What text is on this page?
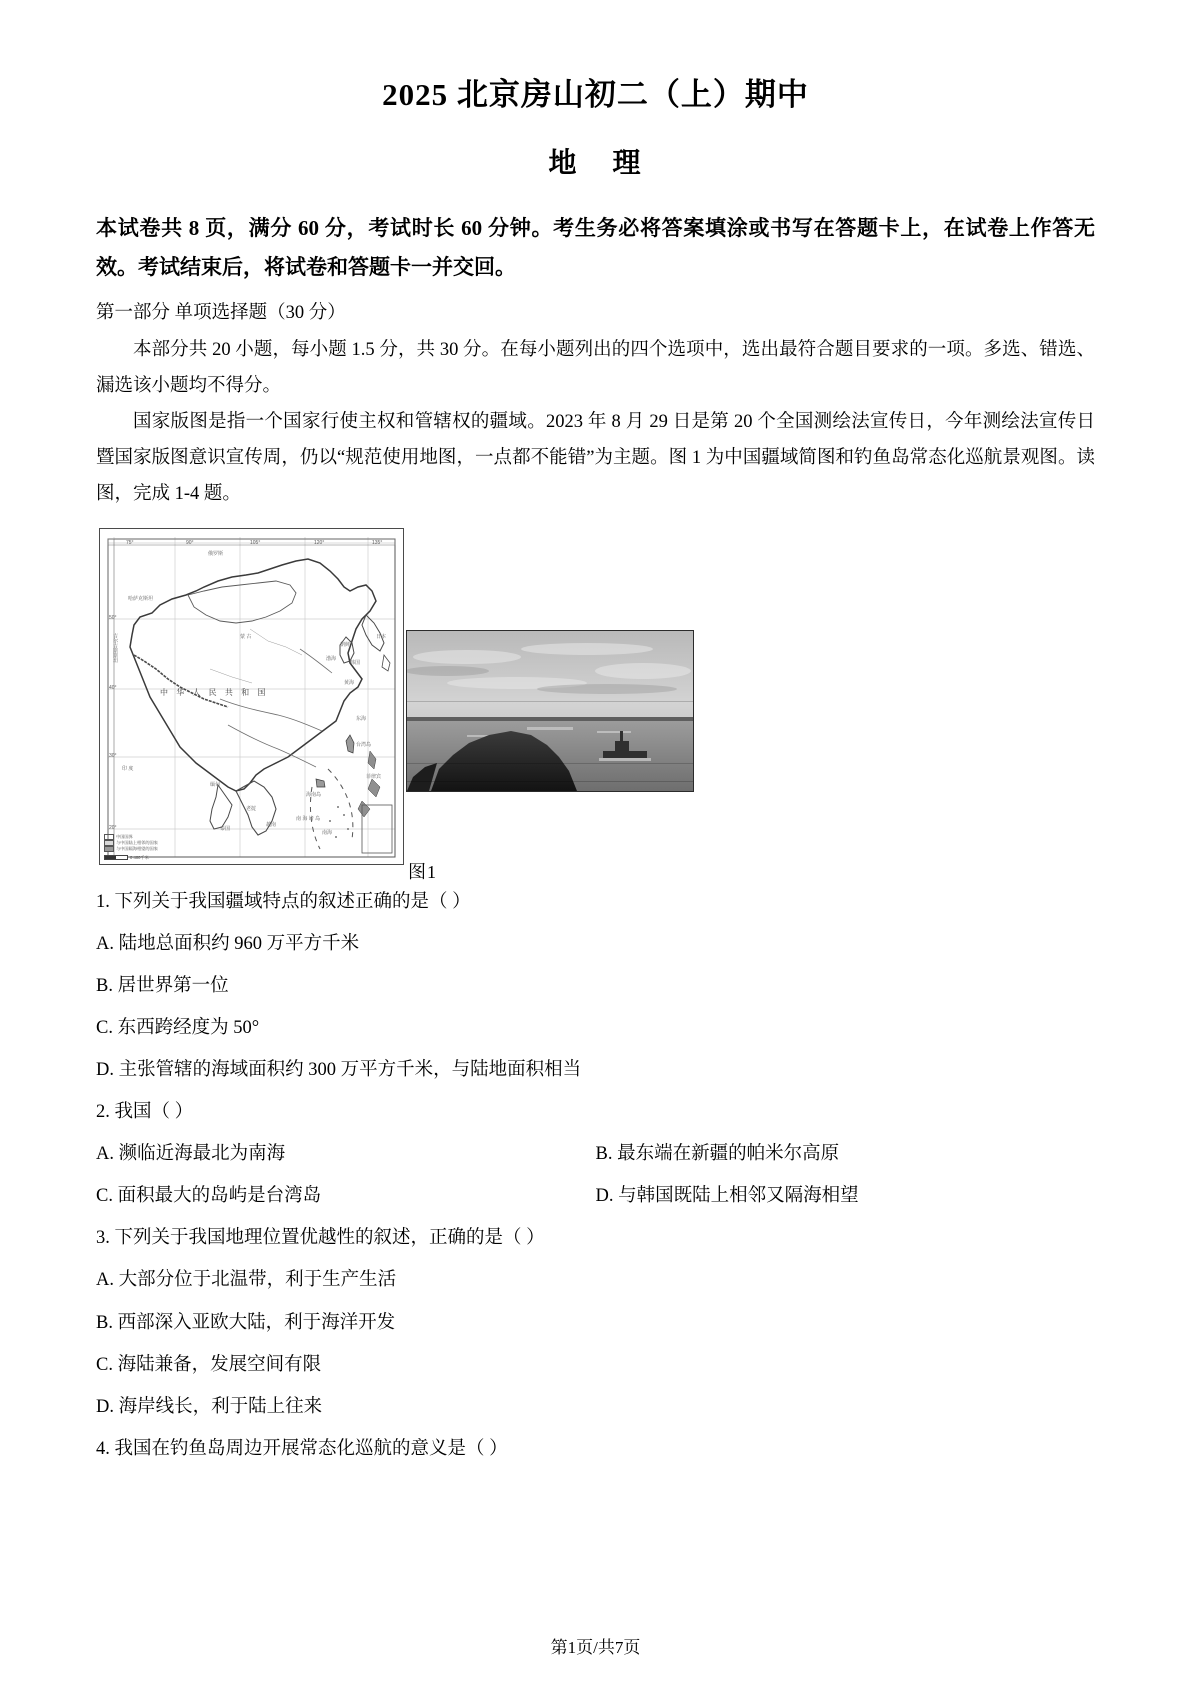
2025 北京房山初二（上）期中
地 理

本试卷共 8 页，满分 60 分，考试时长 60 分钟。考生务必将答案填涂或书写在答题卡上，在试卷上作答无效。考试结束后，将试卷和答题卡一并交回。

第一部分 单项选择题（30 分）

本部分共 20 小题，每小题 1.5 分，共 30 分。在每小题列出的四个选项中，选出最符合题目要求的一项。多选、错选、漏选该小题均不得分。

国家版图是指一个国家行使主权和管辖权的疆域。2023 年 8 月 29 日是第 20 个全国测绘法宣传日，今年测绘法宣传日暨国家版图意识宣传周，仍以“规范使用地图，一点都不能错”为主题。图 1 为中国疆域简图和钓鱼岛常态化巡航景观图。读图，完成 1-4 题。

75°	90°	105°	120°	135°
50°
40°
30°
20°
中 华 人 民 共 和 国
哈萨克斯坦
蒙 古
俄罗斯
吉尔吉斯斯坦
印 度
缅甸
老挝
越南
泰国
朝鲜
韩国
日本
菲律宾
南 海 诸 岛
台湾岛
海南岛
黄海
东海
渤海
南海
中国国界
与中国陆上相邻的国家
与中国隔海相望的国家
0 400千米
图1

1. 下列关于我国疆域特点的叙述正确的是（ ）

A. 陆地总面积约 960 万平方千米

B. 居世界第一位

C. 东西跨经度为 50°

D. 主张管辖的海域面积约 300 万平方千米，与陆地面积相当

2. 我国（ ）

A. 濒临近海最北为南海	B. 最东端在新疆的帕米尔高原
C. 面积最大的岛屿是台湾岛	D. 与韩国既陆上相邻又隔海相望

3. 下列关于我国地理位置优越性的叙述，正确的是（ ）

A. 大部分位于北温带，利于生产生活

B. 西部深入亚欧大陆，利于海洋开发

C. 海陆兼备，发展空间有限

D. 海岸线长，利于陆上往来

4. 我国在钓鱼岛周边开展常态化巡航的意义是（ ）

第1页/共7页
